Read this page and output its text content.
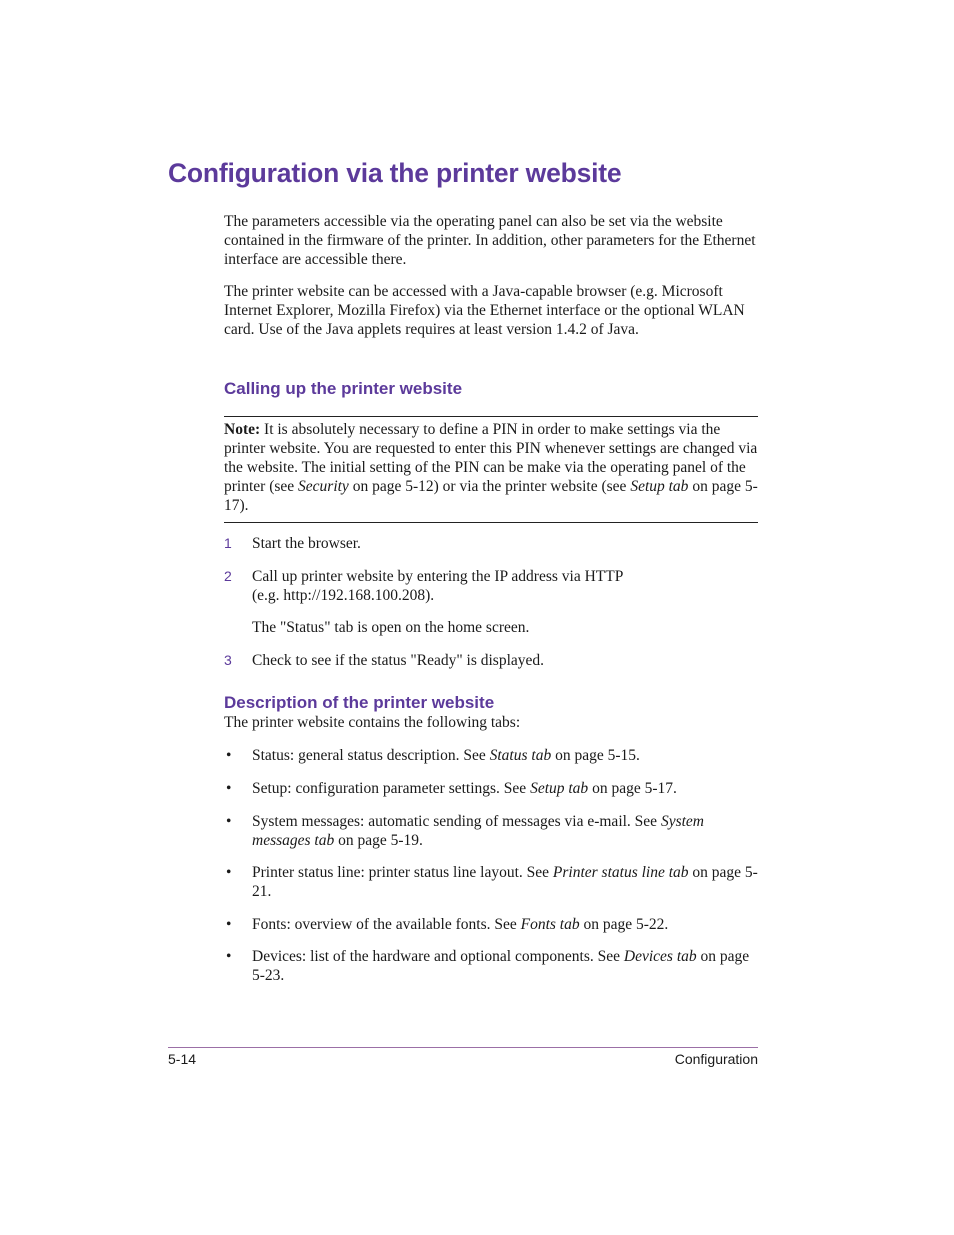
Configuration via the printer website

The parameters accessible via the operating panel can also be set via the website contained in the firmware of the printer. In addition, other parameters for the Ethernet interface are accessible there.

The printer website can be accessed with a Java-capable browser (e.g. Microsoft Internet Explorer, Mozilla Firefox) via the Ethernet interface or the optional WLAN card. Use of the Java applets requires at least version 1.4.2 of Java.

Calling up the printer website

Note: It is absolutely necessary to define a PIN in order to make settings via the printer website. You are requested to enter this PIN whenever settings are changed via the website. The initial setting of the PIN can be make via the operating panel of the printer (see Security on page 5-12) or via the printer website (see Setup tab on page 5-17).

1	Start the browser.

2	Call up printer website by entering the IP address via HTTP

(e.g. http://192.168.100.208).

The "Status" tab is open on the home screen.

3	Check to see if the status "Ready" is displayed.

Description of the printer website

The printer website contains the following tabs:

• Status: general status description. See Status tab on page 5-15.

• Setup: configuration parameter settings. See Setup tab on page 5-17.

• System messages: automatic sending of messages via e-mail. See System messages tab on page 5-19.

• Printer status line: printer status line layout. See Printer status line tab on page 5-21.

• Fonts: overview of the available fonts. See Fonts tab on page 5-22.

• Devices: list of the hardware and optional components. See Devices tab on page 5-23.

5-14	Configuration
